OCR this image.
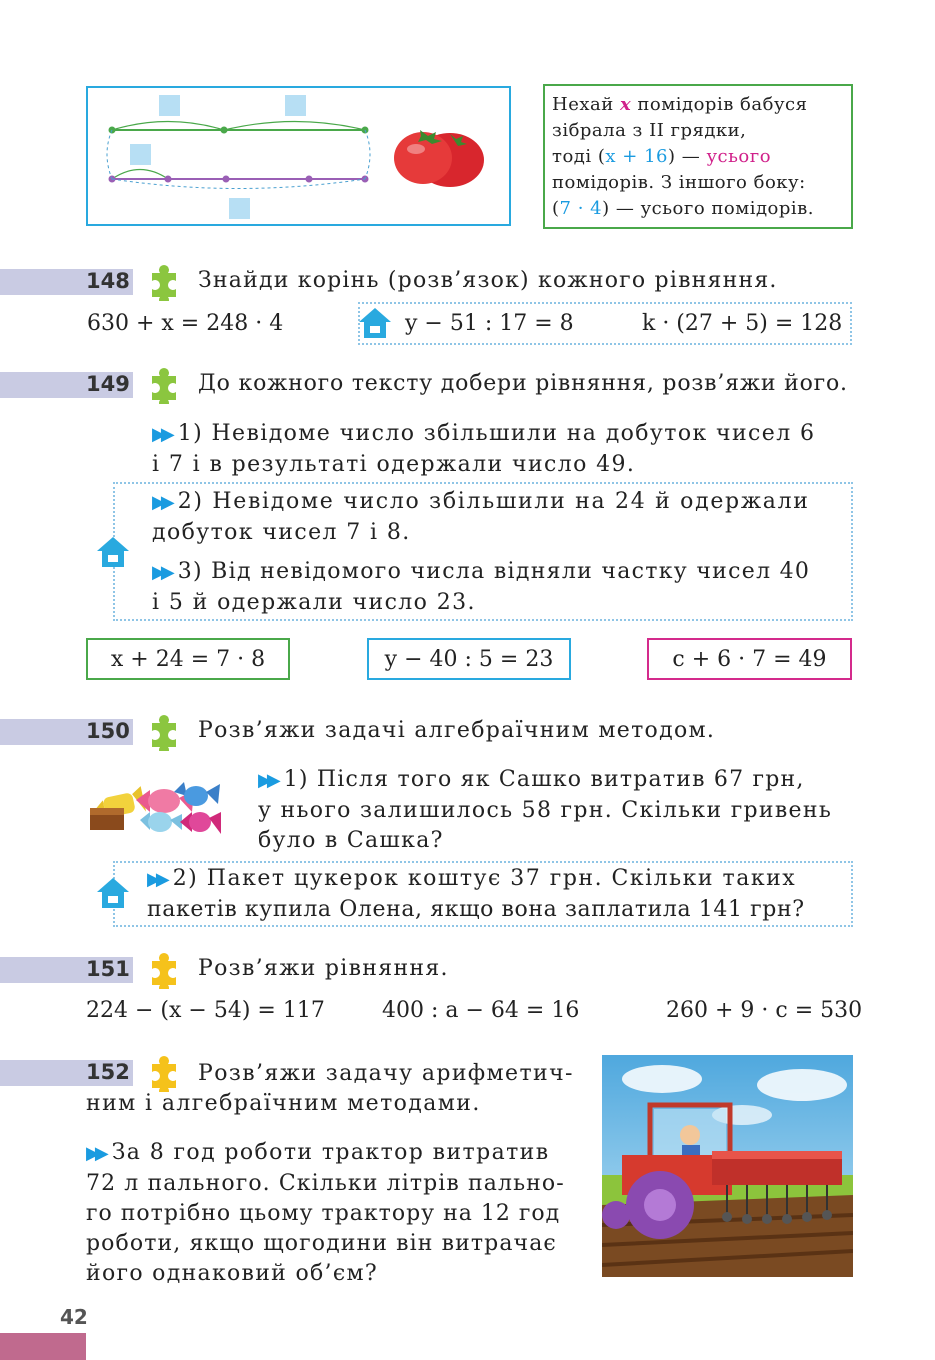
Нехай x помідорів бабуся
зібрала з ІІ грядки,
тоді (x + 16) — усього
помідорів. З іншого боку:
(7 · 4) — усього помідорів.
148	Знайди корінь (розв’язок) кожного рівняння.
630 + x = 248 · 4	y − 51 : 17 = 8	k · (27 + 5) = 128
149	До кожного тексту добери рівняння, розв’яжи його.
▶▶ 1) Невідоме число збільшили на добуток чисел 6
і 7 і в результаті одержали число 49.
▶▶ 2) Невідоме число збільшили на 24 й одержали
добуток чисел 7 і 8.
▶▶ 3) Від невідомого числа відняли частку чисел 40
і 5 й одержали число 23.
x + 24 = 7 · 8	y − 40 : 5 = 23	c + 6 · 7 = 49
150	Розв’яжи задачі алгебраїчним методом.
▶▶ 1) Після того як Сашко витратив 67 грн,
у нього залишилось 58 грн. Скільки гривень
було в Сашка?
▶▶ 2) Пакет цукерок коштує 37 грн. Скільки таких
пакетів купила Олена, якщо вона заплатила 141 грн?
151	Розв’яжи рівняння.
224 − (x − 54) = 117	400 : a − 64 = 16	260 + 9 · c = 530
152	Розв’яжи задачу арифметич-
ним і алгебраїчним методами.
▶▶ За 8 год роботи трактор витратив
72 л пального. Скільки літрів пально-
го потрібно цьому трактору на 12 год
роботи, якщо щогодини він витрачає
його однаковий об’єм?
42
